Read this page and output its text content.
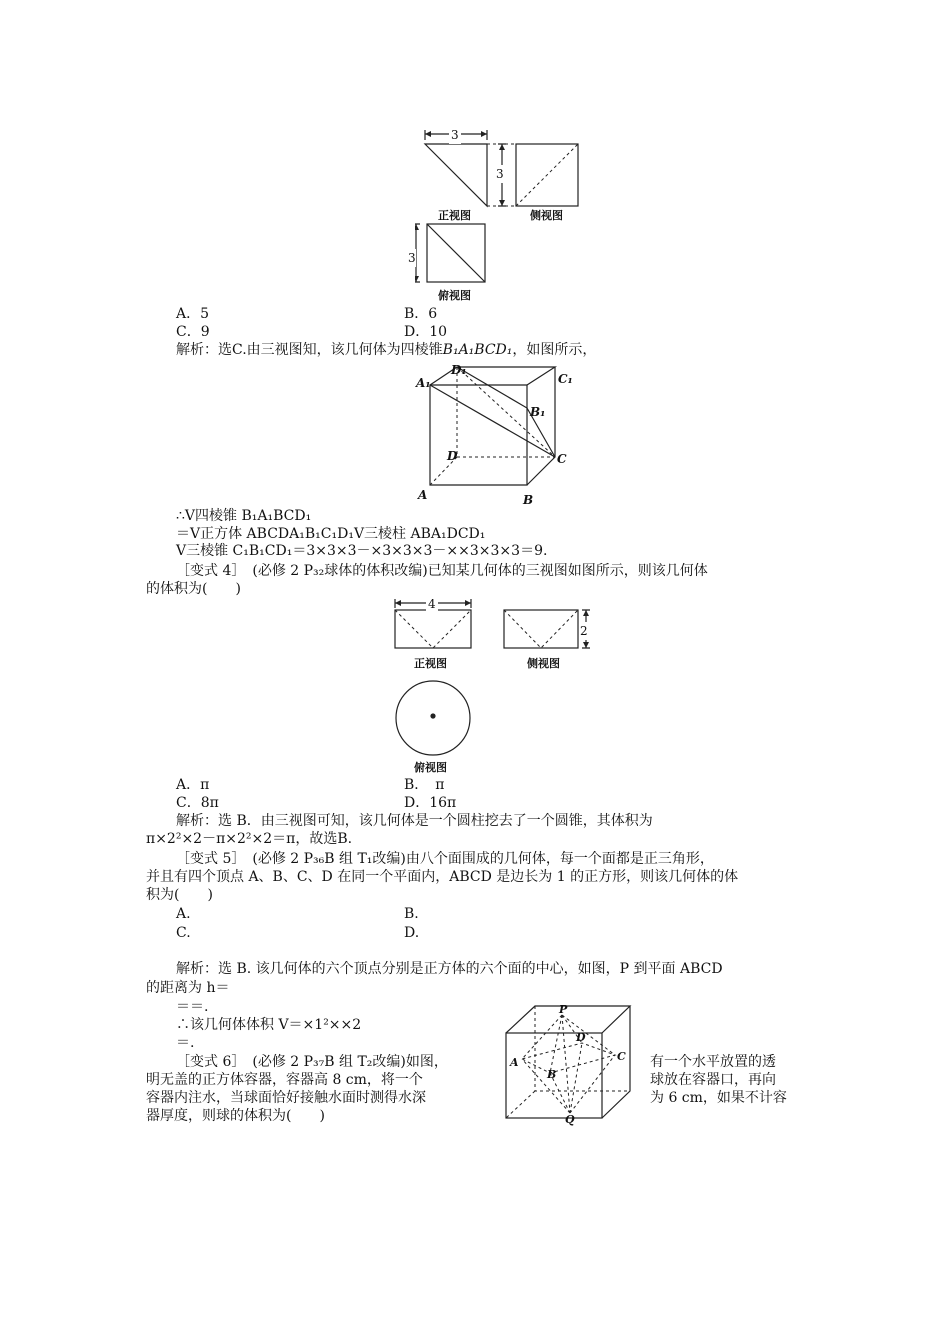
3
3
3
正视图	侧视图
俯视图
A．5	B．6
C．9	D．10
解析：选C.由三视图知，该几何体为四棱锥B₁A₁BCD₁，如图所示，
D₁
C₁
A₁
B₁
D	C
A	B
∴V四棱锥 B₁A₁BCD₁
＝V正方体 ABCDA₁B₁C₁D₁V三棱柱 ABA₁DCD₁
V三棱锥 C₁B₁CD₁＝3×3×3－×3×3×3－××3×3×3＝9.
［变式 4］　(必修 2 P₃₂球体的体积改编)已知某几何体的三视图如图所示，则该几何体
的体积为(　　)
4
2
正视图	侧视图
俯视图
A．π	B．　π
C．8π	D．16π
解析：选 B．由三视图可知，该几何体是一个圆柱挖去了一个圆锥，其体积为
π×2²×2－π×2²×2＝π，故选B.
［变式 5］　(必修 2 P₃₆B 组 T₁改编)由八个面围成的几何体，每一个面都是正三角形，
并且有四个顶点 A、B、C、D 在同一个平面内，ABCD 是边长为 1 的正方形，则该几何体的体
积为(　　)
A.	B.
C.	D.
解析：选 B. 该几何体的六个顶点分别是正方体的六个面的中心，如图，P 到平面 ABCD
的距离为 h＝
＝＝.
∴该几何体体积 V＝×1²××2
＝.
P
D
A	C
B
Q
［变式 6］　(必修 2 P₃₇B 组 T₂改编)如图，
明无盖的正方体容器，容器高 8 cm，将一个
容器内注水，当球面恰好接触水面时测得水深
器厚度，则球的体积为(　　)
有一个水平放置的透
球放在容器口，再向
为 6 cm，如果不计容
